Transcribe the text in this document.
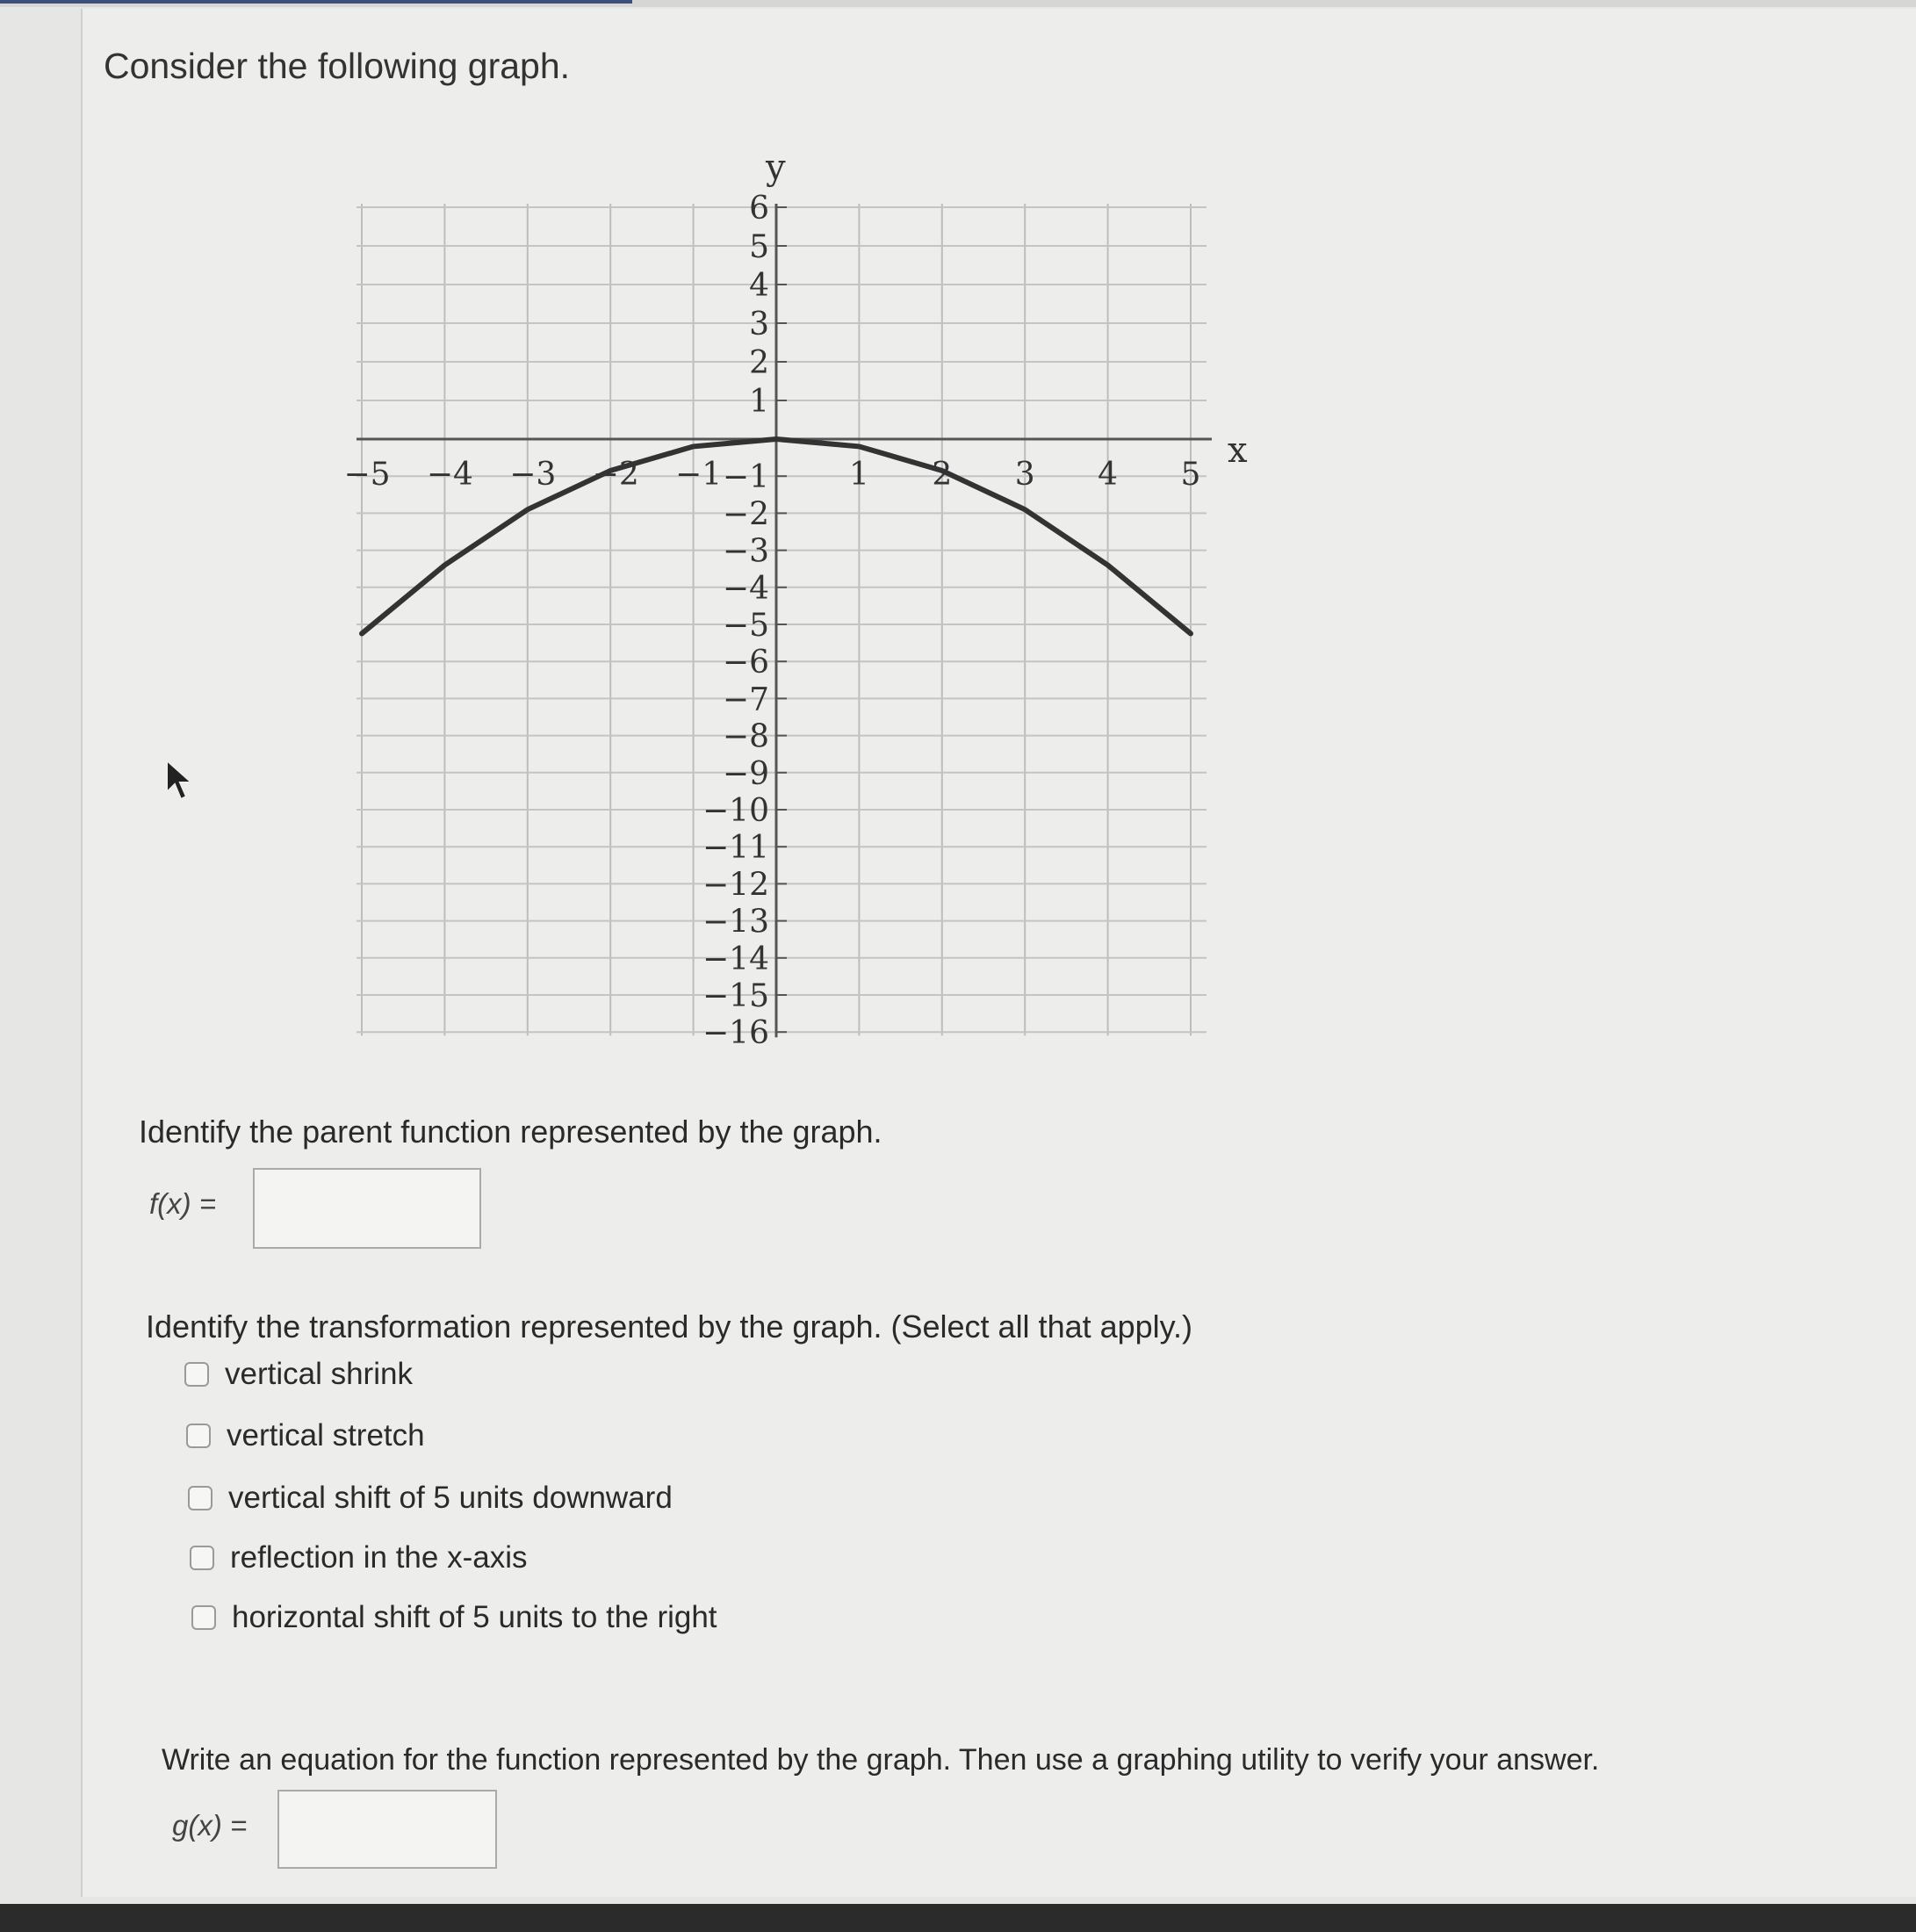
Consider the following graph.
6
5
4
3
2
1
−1
−2
−3
−4
−5
−6
−7
−8
−9
−10
−11
−12
−13
−14
−15
−16
−5 −4 −3 −2 −1	1 2 3 4 5
x
y
Identify the parent function represented by the graph.
f(x) =
Identify the transformation represented by the graph. (Select all that apply.)
vertical shrink
vertical stretch
vertical shift of 5 units downward
reflection in the x-axis
horizontal shift of 5 units to the right
Write an equation for the function represented by the graph. Then use a graphing utility to verify your answer.
g(x) =
